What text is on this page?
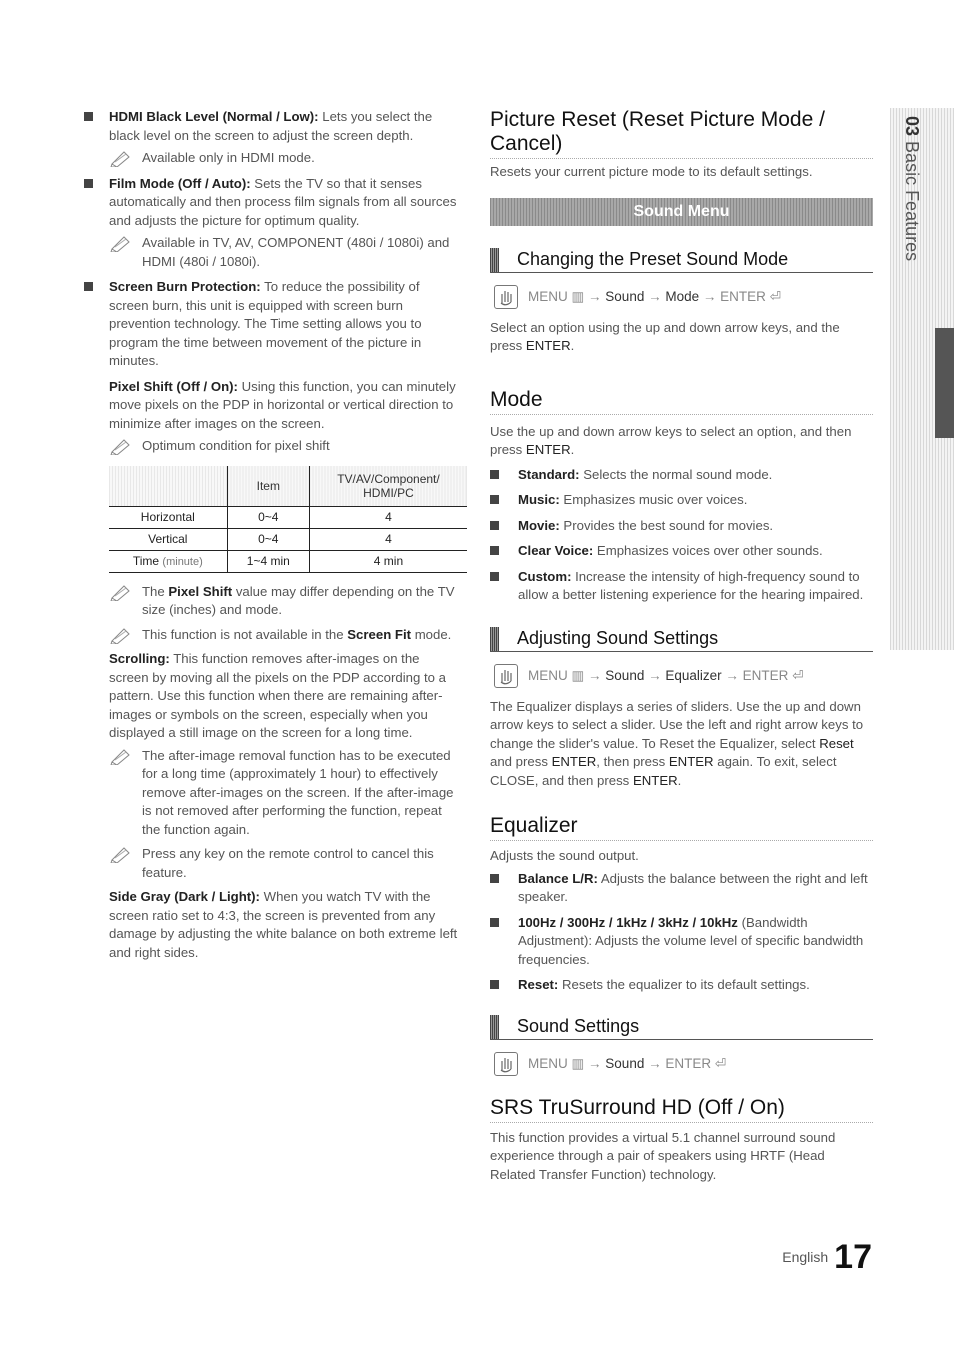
HDMI Black Level (Normal / Low): Lets you select the black level on the screen to adjust the screen depth.
Available only in HDMI mode.
Film Mode (Off / Auto): Sets the TV so that it senses automatically and then process film signals from all sources and adjusts the picture for optimum quality.
Available in TV, AV, COMPONENT (480i / 1080i) and HDMI (480i / 1080i).
Screen Burn Protection: To reduce the possibility of screen burn, this unit is equipped with screen burn prevention technology. The Time setting allows you to program the time between movement of the picture in minutes.
Pixel Shift (Off / On): Using this function, you can minutely move pixels on the PDP in horizontal or vertical direction to minimize after images on the screen.
Optimum condition for pixel shift
	Item	TV/AV/Component/ HDMI/PC
Horizontal	0~4	4
Vertical	0~4	4
Time (minute)	1~4 min	4 min
The Pixel Shift value may differ depending on the TV size (inches) and mode.
This function is not available in the Screen Fit mode.
Scrolling: This function removes after-images on the screen by moving all the pixels on the PDP according to a pattern. Use this function when there are remaining after-images or symbols on the screen, especially when you displayed a still image on the screen for a long time.
The after-image removal function has to be executed for a long time (approximately 1 hour) to effectively remove after-images on the screen. If the after-image is not removed after performing the function, repeat the function again.
Press any key on the remote control to cancel this feature.
Side Gray (Dark / Light): When you watch TV with the screen ratio set to 4:3, the screen is prevented from any damage by adjusting the white balance on both extreme left and right sides.
Picture Reset (Reset Picture Mode / Cancel)

Resets your current picture mode to its default settings.

Sound Menu
Changing the Preset Sound Mode
MENU ▥ → Sound → Mode → ENTER ⏎

Select an option using the up and down arrow keys, and the press ENTER.

Mode

Use the up and down arrow keys to select an option, and then press ENTER.

Standard: Selects the normal sound mode.
Music: Emphasizes music over voices.
Movie: Provides the best sound for movies.
Clear Voice: Emphasizes voices over other sounds.
Custom: Increase the intensity of high-frequency sound to allow a better listening experience for the hearing impaired.
Adjusting Sound Settings
MENU ▥ → Sound → Equalizer → ENTER ⏎

The Equalizer displays a series of sliders. Use the up and down arrow keys to select a slider. Use the left and right arrow keys to change the slider's value. To Reset the Equalizer, select Reset and press ENTER, then press ENTER again. To exit, select CLOSE, and then press ENTER.

Equalizer

Adjusts the sound output.

Balance L/R: Adjusts the balance between the right and left speaker.
100Hz / 300Hz / 1kHz / 3kHz / 10kHz (Bandwidth Adjustment): Adjusts the volume level of specific bandwidth frequencies.
Reset: Resets the equalizer to its default settings.
Sound Settings
MENU ▥ → Sound → ENTER ⏎
SRS TruSurround HD (Off / On)

This function provides a virtual 5.1 channel surround sound experience through a pair of speakers using HRTF (Head Related Transfer Function) technology.

03 Basic Features
English 17
